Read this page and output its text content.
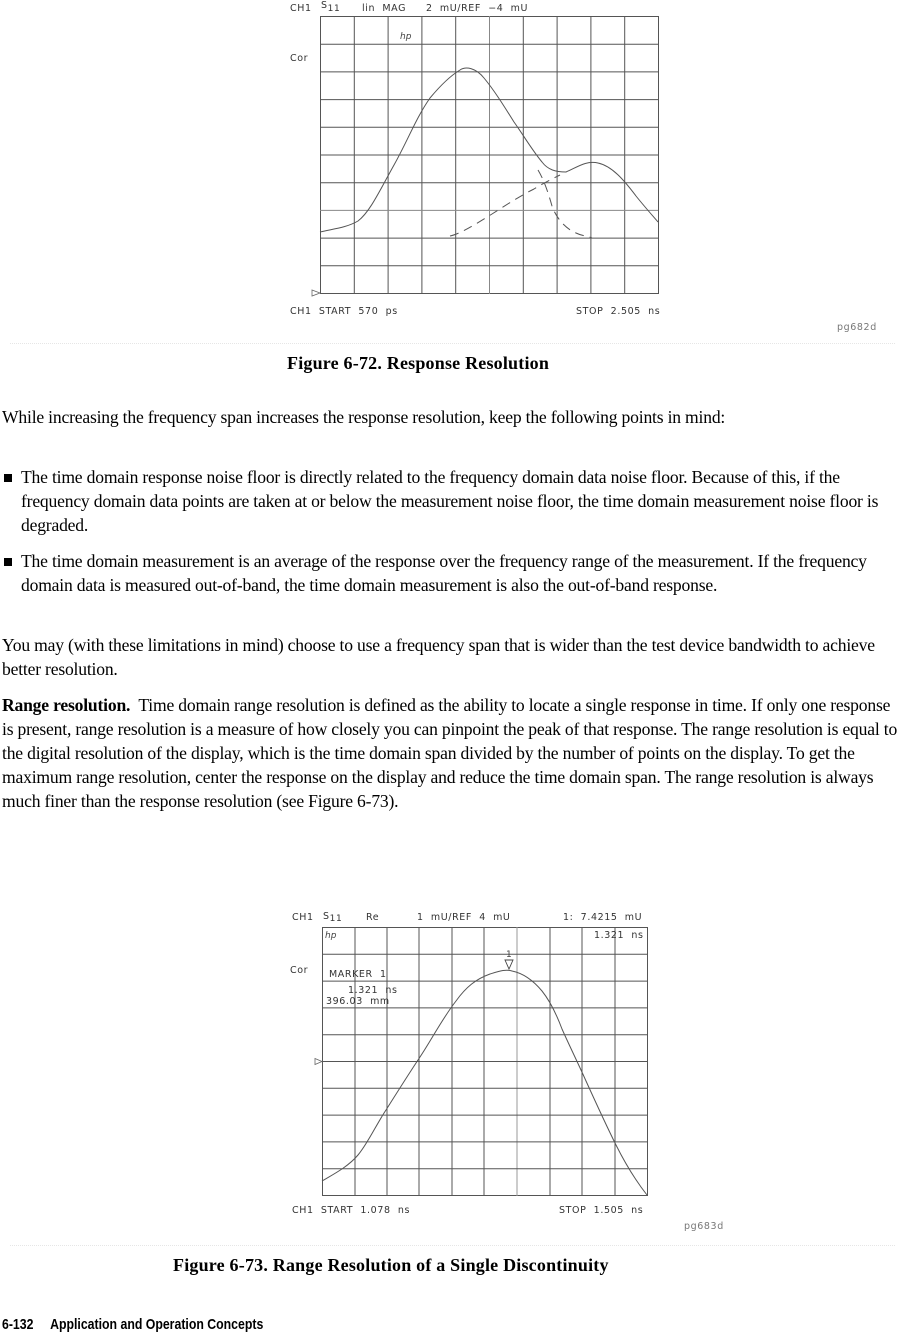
hp
CH1 S11 lin  MAG 2  mU/REF  −4  mU
Cor
CH1  START  570  ps	STOP  2.505  ns
pg682d
Figure 6-72. Response Resolution

While increasing the frequency span increases the response resolution, keep the following points in mind:

The time domain response noise floor is directly related to the frequency domain data noise floor. Because of this, if the frequency domain data points are taken at or below the measurement noise floor, the time domain measurement noise floor is degraded.
The time domain measurement is an average of the response over the frequency range of the measurement. If the frequency domain data is measured out-of-band, the time domain measurement is also the out-of-band response.

You may (with these limitations in mind) choose to use a frequency span that is wider than the test device bandwidth to achieve better resolution.

Range resolution. Time domain range resolution is defined as the ability to locate a single response in time. If only one response is present, range resolution is a measure of how closely you can pinpoint the peak of that response. The range resolution is equal to the digital resolution of the display, which is the time domain span divided by the number of points on the display. To get the maximum range resolution, center the response on the display and reduce the time domain span. The range resolution is always much finer than the response resolution (see Figure 6-73).

1
hp
CH1 S11 Re	1  mU/REF  4  mU	1:  7.4215  mU
1.321  ns
Cor MARKER  1
1.321  ns
396.03  mm
CH1  START  1.078  ns	STOP  1.505  ns
pg683d
Figure 6-73. Range Resolution of a Single Discontinuity
6-132 Application and Operation Concepts
